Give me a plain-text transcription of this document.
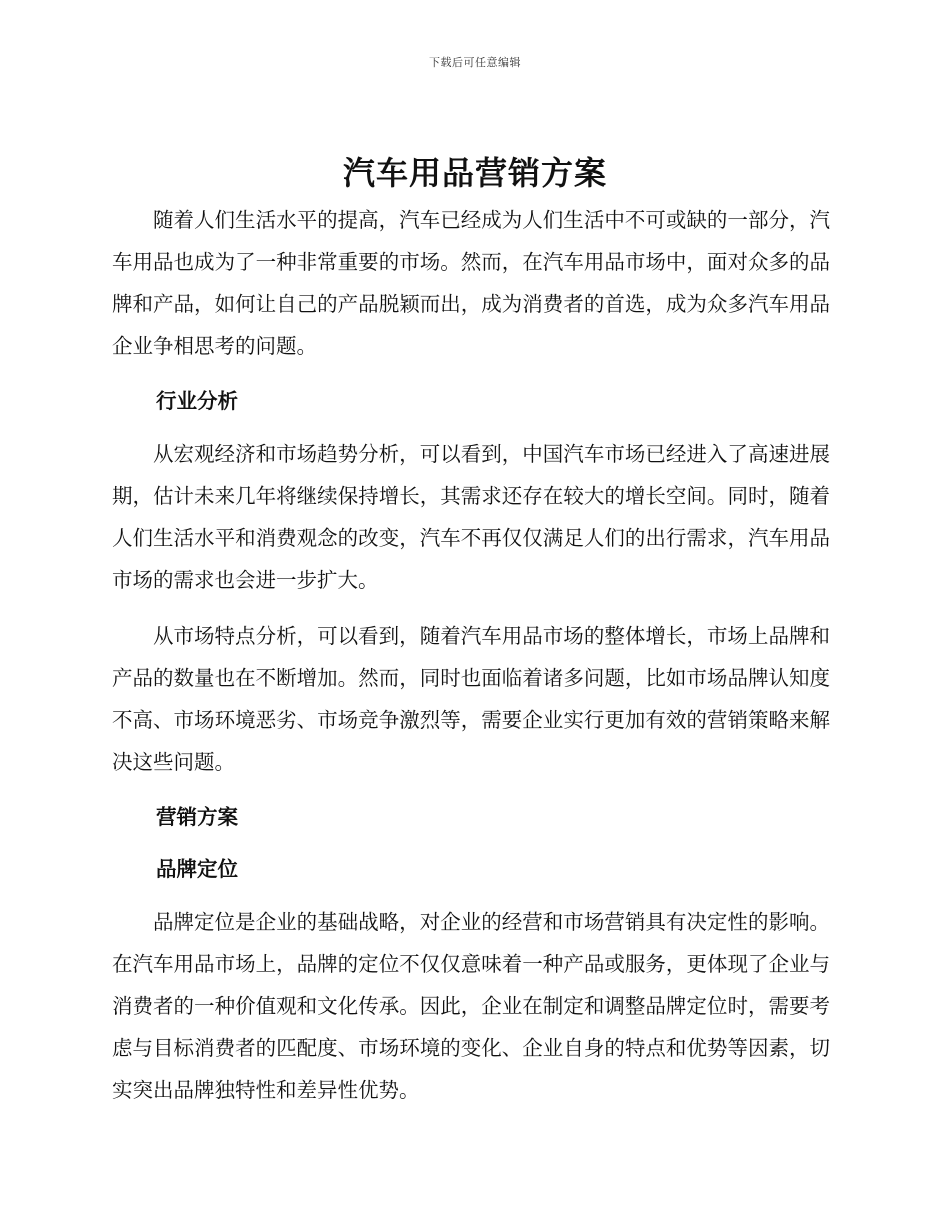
下载后可任意编辑
汽车用品营销方案

随着人们生活水平的提高，汽车已经成为人们生活中不可或缺的一部分，汽车用品也成为了一种非常重要的市场。然而，在汽车用品市场中，面对众多的品牌和产品，如何让自己的产品脱颖而出，成为消费者的首选，成为众多汽车用品企业争相思考的问题。

行业分析

从宏观经济和市场趋势分析，可以看到，中国汽车市场已经进入了高速进展期，估计未来几年将继续保持增长，其需求还存在较大的增长空间。同时，随着人们生活水平和消费观念的改变，汽车不再仅仅满足人们的出行需求，汽车用品市场的需求也会进一步扩大。

从市场特点分析，可以看到，随着汽车用品市场的整体增长，市场上品牌和产品的数量也在不断增加。然而，同时也面临着诸多问题，比如市场品牌认知度不高、市场环境恶劣、市场竞争激烈等，需要企业实行更加有效的营销策略来解决这些问题。

营销方案
品牌定位

品牌定位是企业的基础战略，对企业的经营和市场营销具有决定性的影响。在汽车用品市场上，品牌的定位不仅仅意味着一种产品或服务，更体现了企业与消费者的一种价值观和文化传承。因此，企业在制定和调整品牌定位时，需要考虑与目标消费者的匹配度、市场环境的变化、企业自身的特点和优势等因素，切实突出品牌独特性和差异性优势。
